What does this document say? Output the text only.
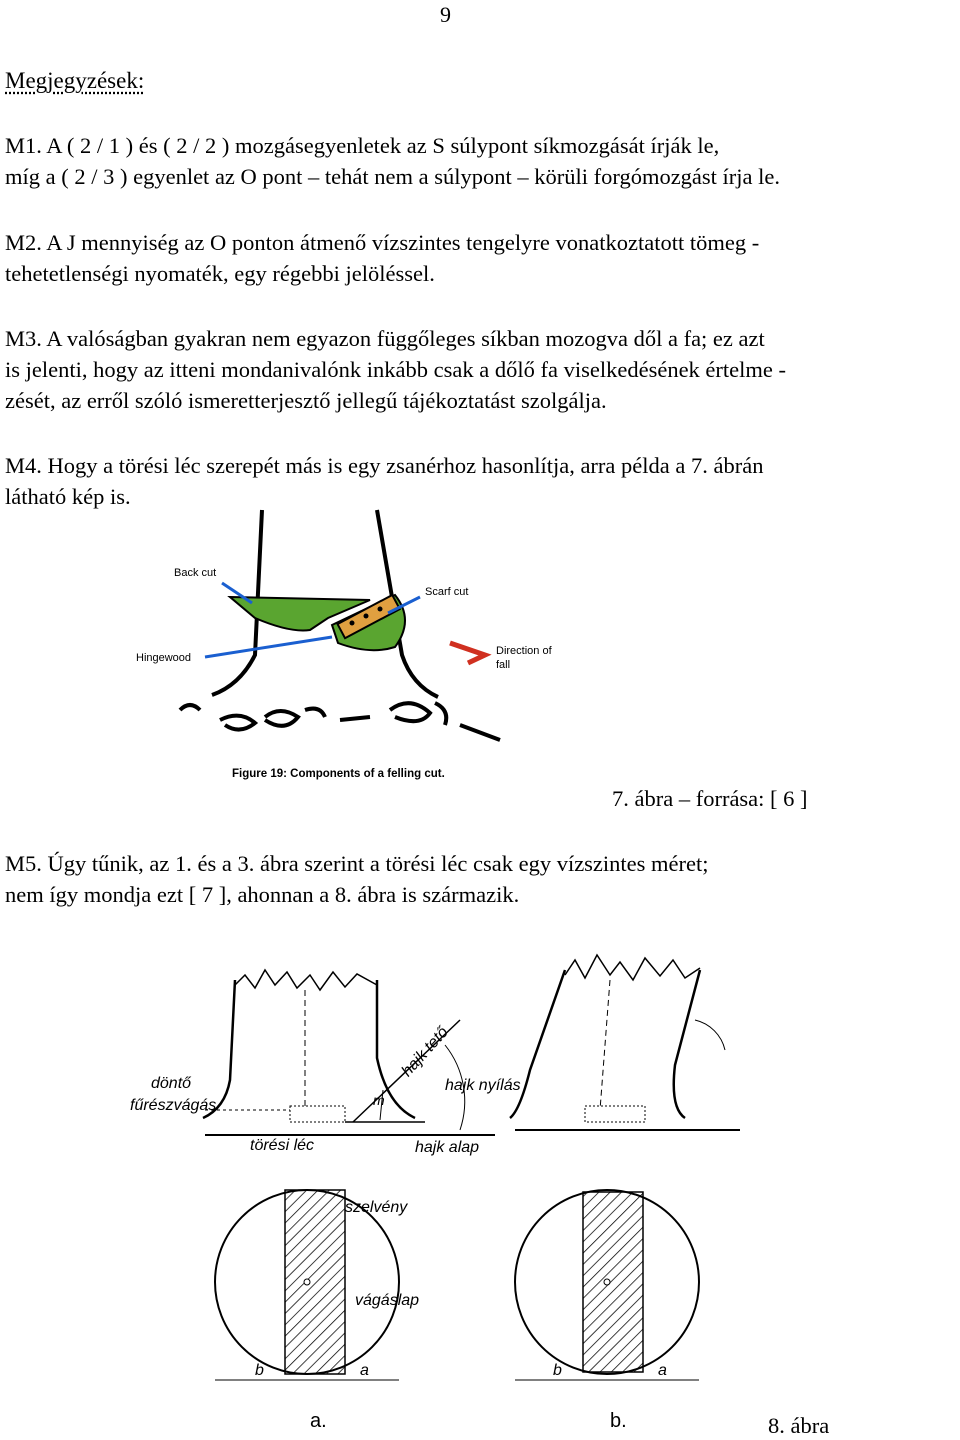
9
Megjegyzések:

M1. A ( 2 / 1 ) és ( 2 / 2 ) mozgásegyenletek az S súlypont síkmozgását írják le,

míg a ( 2 / 3 ) egyenlet az O pont – tehát nem a súlypont – körüli forgómozgást írja le.

M2. A J mennyiség az O ponton átmenő vízszintes tengelyre vonatkoztatott tömeg -

tehetetlenségi nyomaték, egy régebbi jelöléssel.

M3. A valóságban gyakran nem egyazon függőleges síkban mozogva dől a fa; ez azt

is jelenti, hogy az itteni mondanivalónk inkább csak a dőlő fa viselkedésének értelme -

zését, az erről szóló ismeretterjesztő jellegű tájékoztatást szolgálja.

M4. Hogy a törési léc szerepét más is egy zsanérhoz hasonlítja, arra példa a 7. ábrán

látható kép is.

Back cut
Scarf cut
Hingewood
Direction of
fall
Figure 19: Components of a felling cut.
7. ábra – forrása: [ 6 ]

M5. Úgy tűnik, az 1. és a 3. ábra szerint a törési léc csak egy vízszintes méret;

nem így mondja ezt [ 7 ], ahonnan a 8. ábra is származik.

döntő
fűrészvágás
törési léc
hajk tető
hajk nyílás
hajk alap
m
szelvény
vágáslap
b	a	b	a
a.	b.	8. ábra
